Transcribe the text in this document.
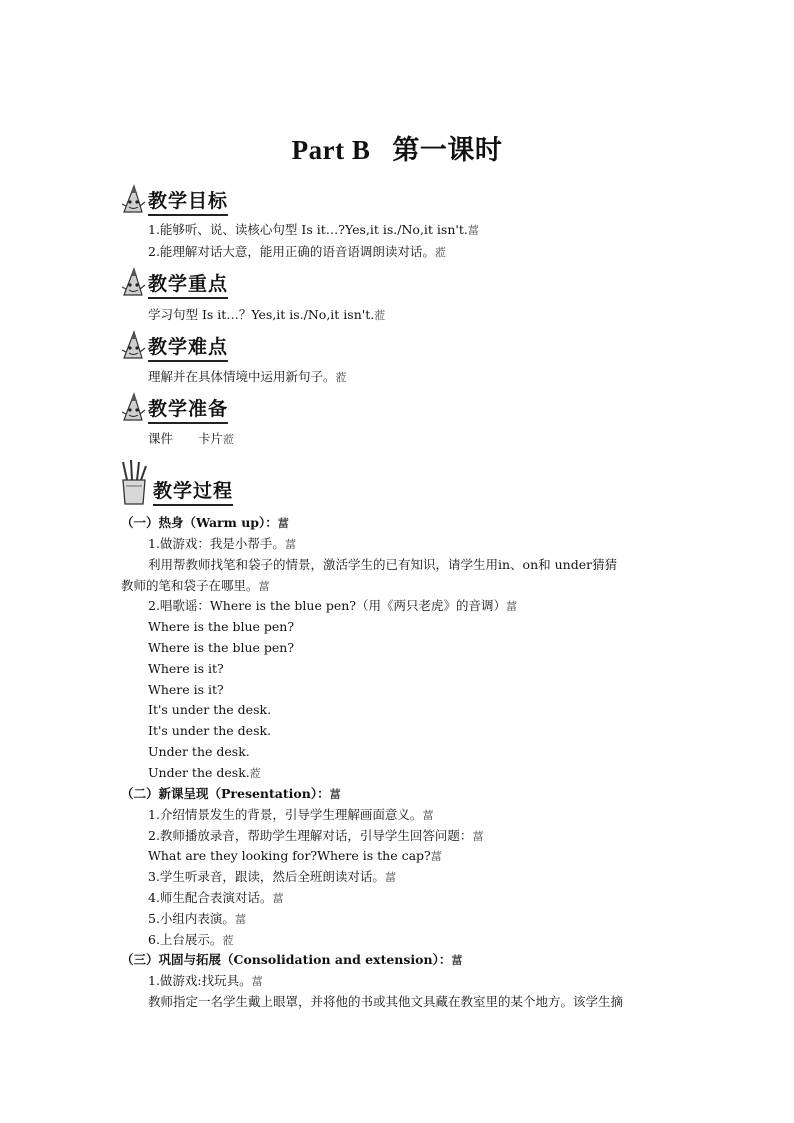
Part B 第一课时
教学目标
1.能够听、说、读核心句型 Is it…?Yes,it is./No,it isn't.葍
2.能理解对话大意，能用正确的语音语调朗读对话。蒞
教学重点
学习句型 Is it…？Yes,it is./No,it isn't.蒞
教学难点
理解并在具体情境中运用新句子。蒞
教学准备
课件　　卡片蒞
教学过程
（一）热身（Warm up）：葍
1.做游戏：我是小帮手。葍
利用帮教师找笔和袋子的情景，激活学生的已有知识，请学生用in、on和 under猜猜
教师的笔和袋子在哪里。葍
2.唱歌谣：Where is the blue pen?（用《两只老虎》的音调）葍
Where is the blue pen?
Where is the blue pen?
Where is it?
Where is it?
It's under the desk.
It's under the desk.
Under the desk.
Under the desk.蒞
（二）新课呈现（Presentation）：葍
1.介绍情景发生的背景，引导学生理解画面意义。葍
2.教师播放录音，帮助学生理解对话，引导学生回答问题：葍
What are they looking for?Where is the cap?葍
3.学生听录音，跟读，然后全班朗读对话。葍
4.师生配合表演对话。葍
5.小组内表演。葍
6.上台展示。蒞
（三）巩固与拓展（Consolidation and extension）：葍
1.做游戏:找玩具。葍
教师指定一名学生戴上眼罩，并将他的书或其他文具藏在教室里的某个地方。该学生摘
